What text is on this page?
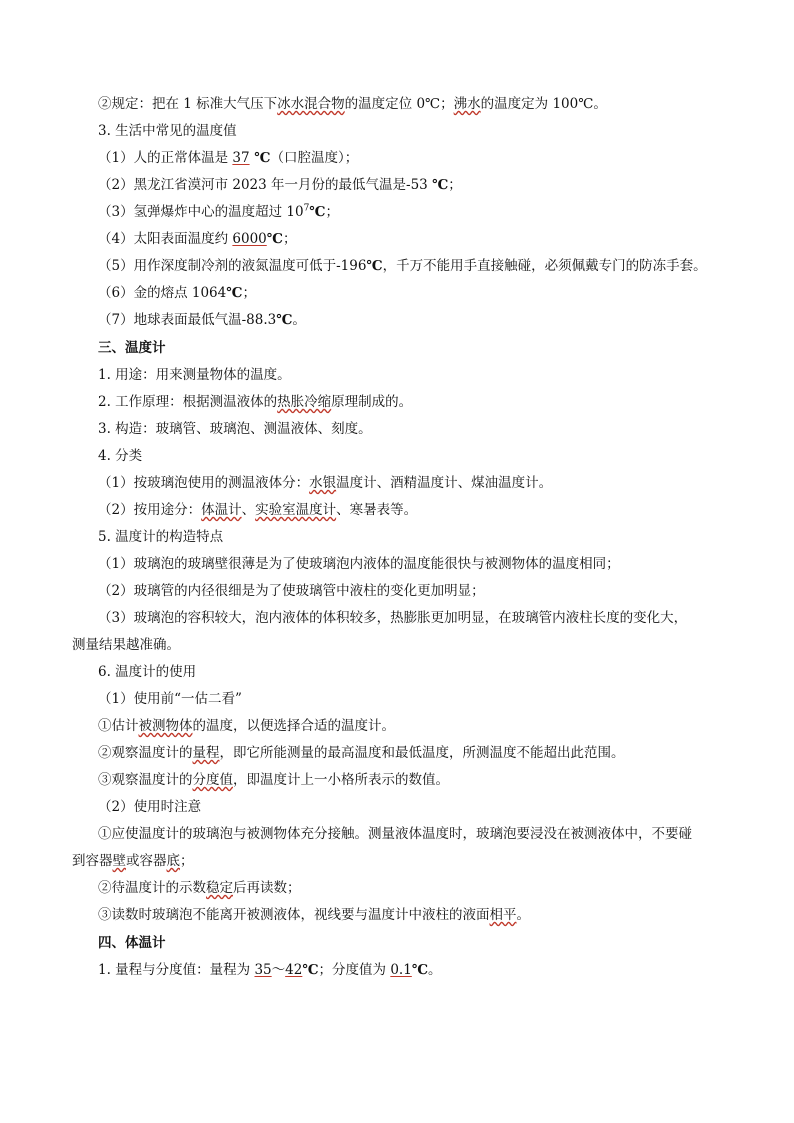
②规定：把在 1 标准大气压下冰水混合物的温度定位 0℃；沸水的温度定为 100℃。
3. 生活中常见的温度值
（1）人的正常体温是 37 ℃（口腔温度）；
（2）黑龙江省漠河市 2023 年一月份的最低气温是-53 ℃；
（3）氢弹爆炸中心的温度超过 $10^7℃$；
（4）太阳表面温度约 6000℃；
（5）用作深度制冷剂的液氮温度可低于-196℃，千万不能用手直接触碰，必须佩戴专门的防冻手套。
（6）金的熔点 1064℃；
（7）地球表面最低气温-88.3℃。
三、温度计
1. 用途：用来测量物体的温度。
2. 工作原理：根据测温液体的热胀冷缩原理制成的。
3. 构造：玻璃管、玻璃泡、测温液体、刻度。
4. 分类
（1）按玻璃泡使用的测温液体分：水银温度计、酒精温度计、煤油温度计。
（2）按用途分：体温计、实验室温度计、寒暑表等。
5. 温度计的构造特点
（1）玻璃泡的玻璃壁很薄是为了使玻璃泡内液体的温度能很快与被测物体的温度相同；
（2）玻璃管的内径很细是为了使玻璃管中液柱的变化更加明显；
（3）玻璃泡的容积较大，泡内液体的体积较多，热膨胀更加明显，在玻璃管内液柱长度的变化大，
测量结果越准确。
6. 温度计的使用
（1）使用前“一估二看”
①估计被测物体的温度，以便选择合适的温度计。
②观察温度计的量程，即它所能测量的最高温度和最低温度，所测温度不能超出此范围。
③观察温度计的分度值，即温度计上一小格所表示的数值。
（2）使用时注意
①应使温度计的玻璃泡与被测物体充分接触。测量液体温度时，玻璃泡要浸没在被测液体中，不要碰
到容器壁或容器底；
②待温度计的示数稳定后再读数；
③读数时玻璃泡不能离开被测液体，视线要与温度计中液柱的液面相平。
四、体温计
1. 量程与分度值：量程为 35～42℃；分度值为 0.1℃。
